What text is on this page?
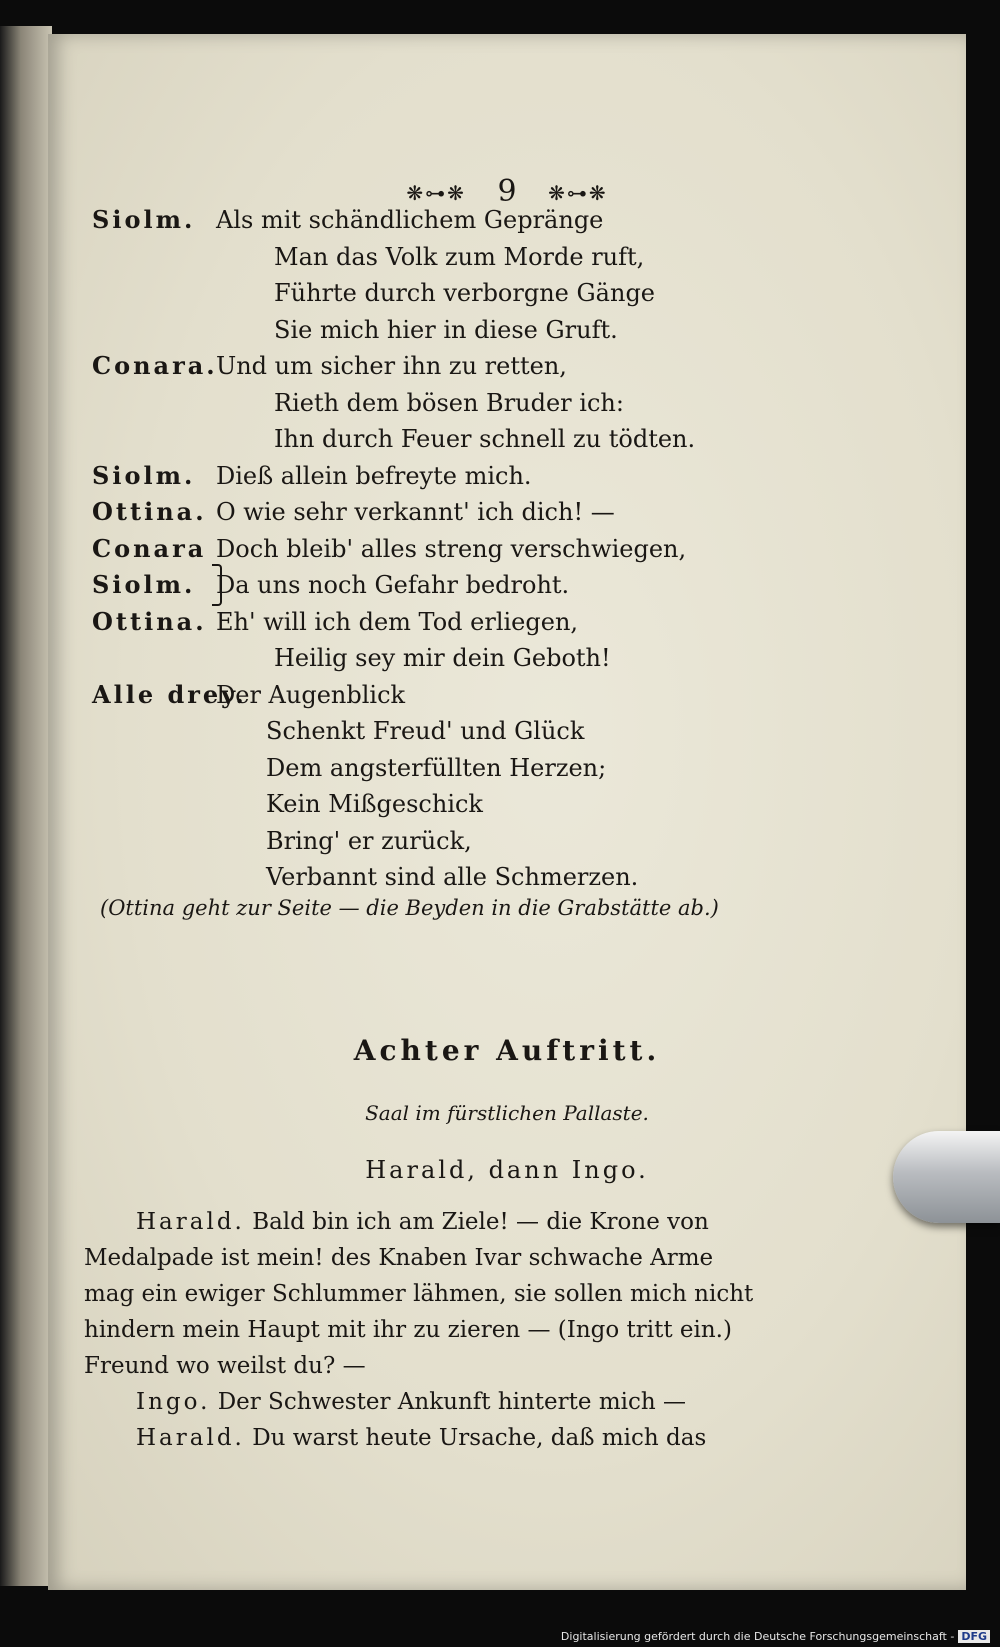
❋⊶❋ 9 ❋⊶❋
Siolm. Als mit schändlichem Gepränge
Man das Volk zum Morde ruft,
Führte durch verborgne Gänge
Sie mich hier in diese Gruft.
Conara.Und um sicher ihn zu retten,
Rieth dem bösen Bruder ich:
Ihn durch Feuer schnell zu tödten.
Siolm. Dieß allein befreyte mich.
Ottina. O wie sehr verkannt' ich dich! —
Conara Doch bleib' alles streng verschwiegen,
Siolm. Da uns noch Gefahr bedroht.
Ottina. Eh' will ich dem Tod erliegen,
Heilig sey mir dein Geboth!
Alle drey.Der Augenblick
Schenkt Freud' und Glück
Dem angsterfüllten Herzen;
Kein Mißgeschick
Bring' er zurück,
Verbannt sind alle Schmerzen.
(Ottina geht zur Seite — die Beyden in die Grabstätte ab.)
Achter Auftritt.
Saal im fürstlichen Pallaste.
Harald, dann Ingo.
Harald. Bald bin ich am Ziele! — die Krone von
Medalpade ist mein! des Knaben Ivar schwache Arme
mag ein ewiger Schlummer lähmen, sie sollen mich nicht
hindern mein Haupt mit ihr zu zieren — (Ingo tritt ein.)
Freund wo weilst du? —
Ingo. Der Schwester Ankunft hinterte mich —
Harald. Du warst heute Ursache, daß mich das
Digitalisierung gefördert durch die Deutsche Forschungsgemeinschaft - DFG
